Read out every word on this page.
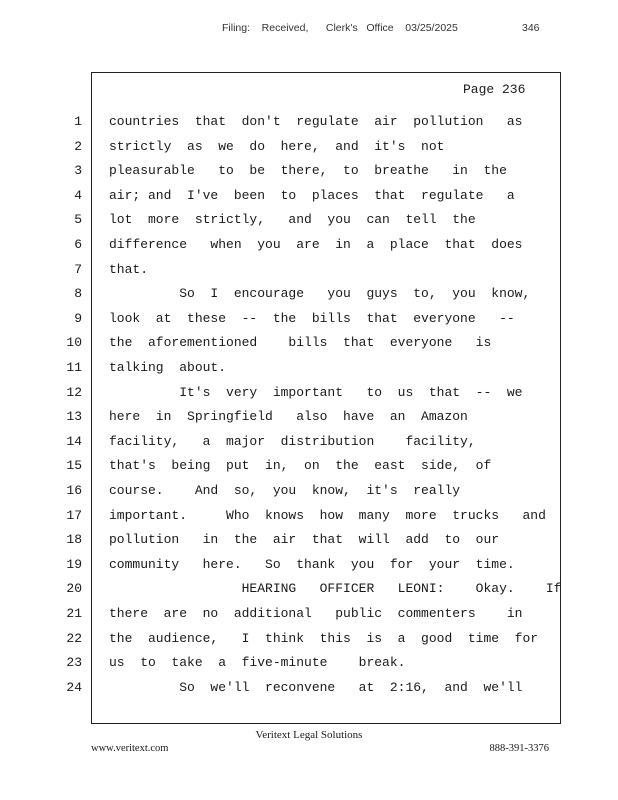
Filing:    Received,      Clerk's   Office    03/25/2025	346
Page 236
1 countries  that  don't  regulate  air  pollution   as
2 strictly  as  we  do  here,  and  it's  not
3 pleasurable   to  be  there,  to  breathe   in  the
4 air; and  I've  been  to  places  that  regulate   a
5 lot  more  strictly,   and  you  can  tell  the
6 difference   when  you  are  in  a  place  that  does
7 that.
8 So  I  encourage   you  guys  to,  you  know,
9 look  at  these  --  the  bills  that  everyone   --
10 the  aforementioned    bills  that  everyone   is
11 talking  about.
12 It's  very  important   to  us  that  --  we
13 here  in  Springfield   also  have  an  Amazon
14 facility,   a  major  distribution    facility,
15 that's  being  put  in,  on  the  east  side,  of
16 course.    And  so,  you  know,  it's  really
17 important.     Who  knows  how  many  more  trucks   and
18 pollution   in  the  air  that  will  add  to  our
19 community   here.   So  thank  you  for  your  time.
20 HEARING   OFFICER   LEONI:    Okay.    If
21 there  are  no  additional   public  commenters    in
22 the  audience,   I  think  this  is  a  good  time  for
23 us  to  take  a  five-minute    break.
24 So  we'll  reconvene   at  2:16,  and  we'll
Veritext Legal Solutions
www.veritext.com	888-391-3376
